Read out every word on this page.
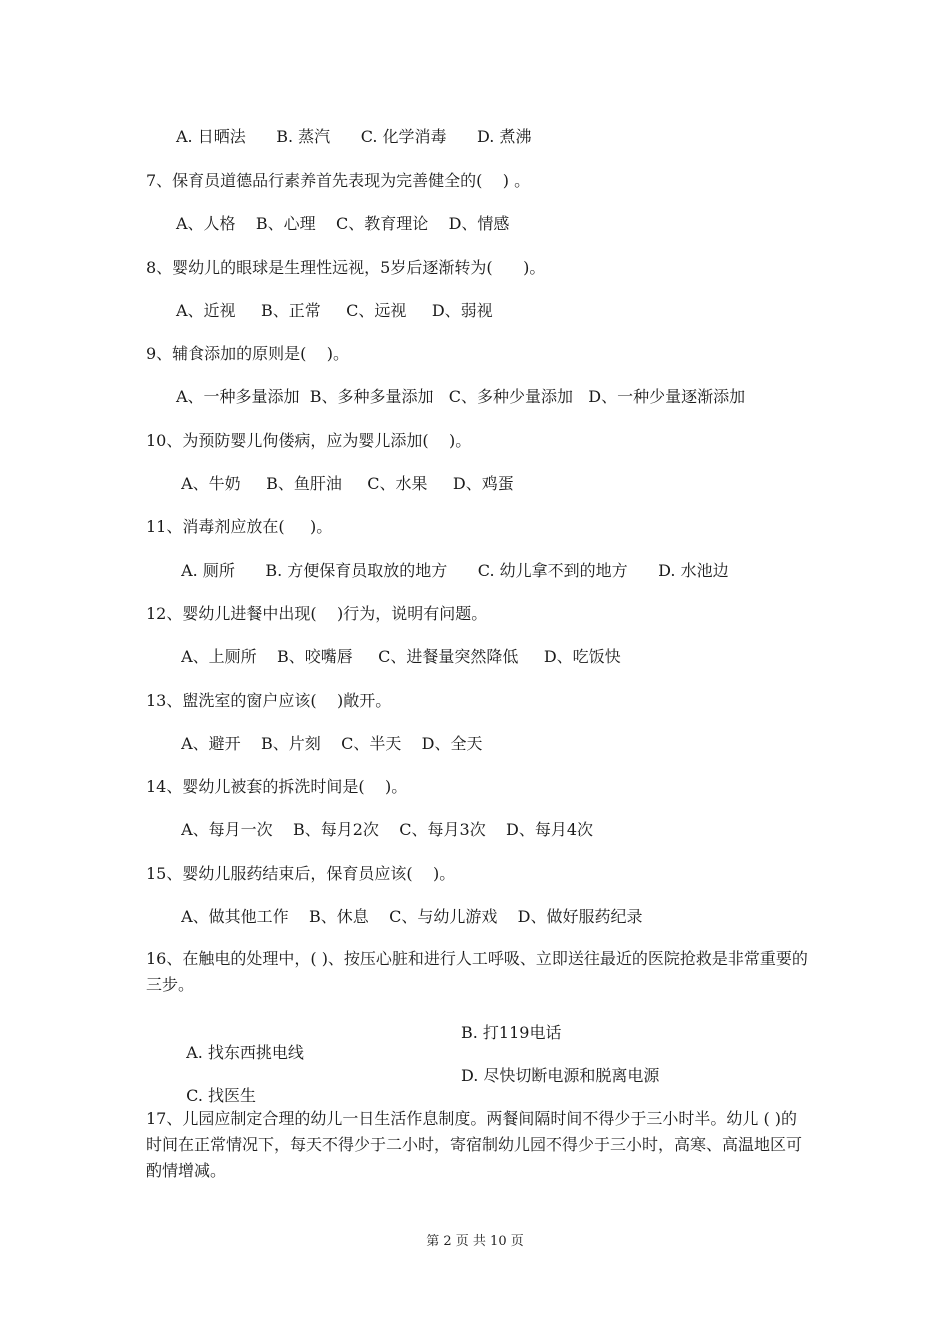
A. 日晒法      B. 蒸汽      C. 化学消毒      D. 煮沸

7、保育员道德品行素养首先表现为完善健全的(    ) 。

A、人格    B、心理    C、教育理论    D、情感

8、婴幼儿的眼球是生理性远视，5岁后逐渐转为(      )。

A、近视     B、正常     C、远视     D、弱视

9、辅食添加的原则是(    )。

A、一种多量添加  B、多种多量添加   C、多种少量添加   D、一种少量逐渐添加

10、为预防婴儿佝偻病，应为婴儿添加(    )。

A、牛奶     B、鱼肝油     C、水果     D、鸡蛋

11、消毒剂应放在(     )。

A. 厕所      B. 方便保育员取放的地方      C. 幼儿拿不到的地方      D. 水池边

12、婴幼儿进餐中出现(    )行为，说明有问题。

A、上厕所    B、咬嘴唇     C、进餐量突然降低     D、吃饭快

13、盥洗室的窗户应该(    )敞开。

A、避开    B、片刻    C、半天    D、全天

14、婴幼儿被套的拆洗时间是(    )。

A、每月一次    B、每月2次    C、每月3次    D、每月4次

15、婴幼儿服药结束后，保育员应该(    )。

A、做其他工作    B、休息    C、与幼儿游戏    D、做好服药纪录

16、在触电的处理中，( )、按压心脏和进行人工呼吸、立即送往最近的医院抢救是非常重要的三步。

A. 找东西挑电线

B. 打119电话

C. 找医生

D. 尽快切断电源和脱离电源

17、儿园应制定合理的幼儿一日生活作息制度。两餐间隔时间不得少于三小时半。幼儿 ( )的时间在正常情况下，每天不得少于二小时，寄宿制幼儿园不得少于三小时，高寒、高温地区可酌情增减。

第 2 页 共 10 页
